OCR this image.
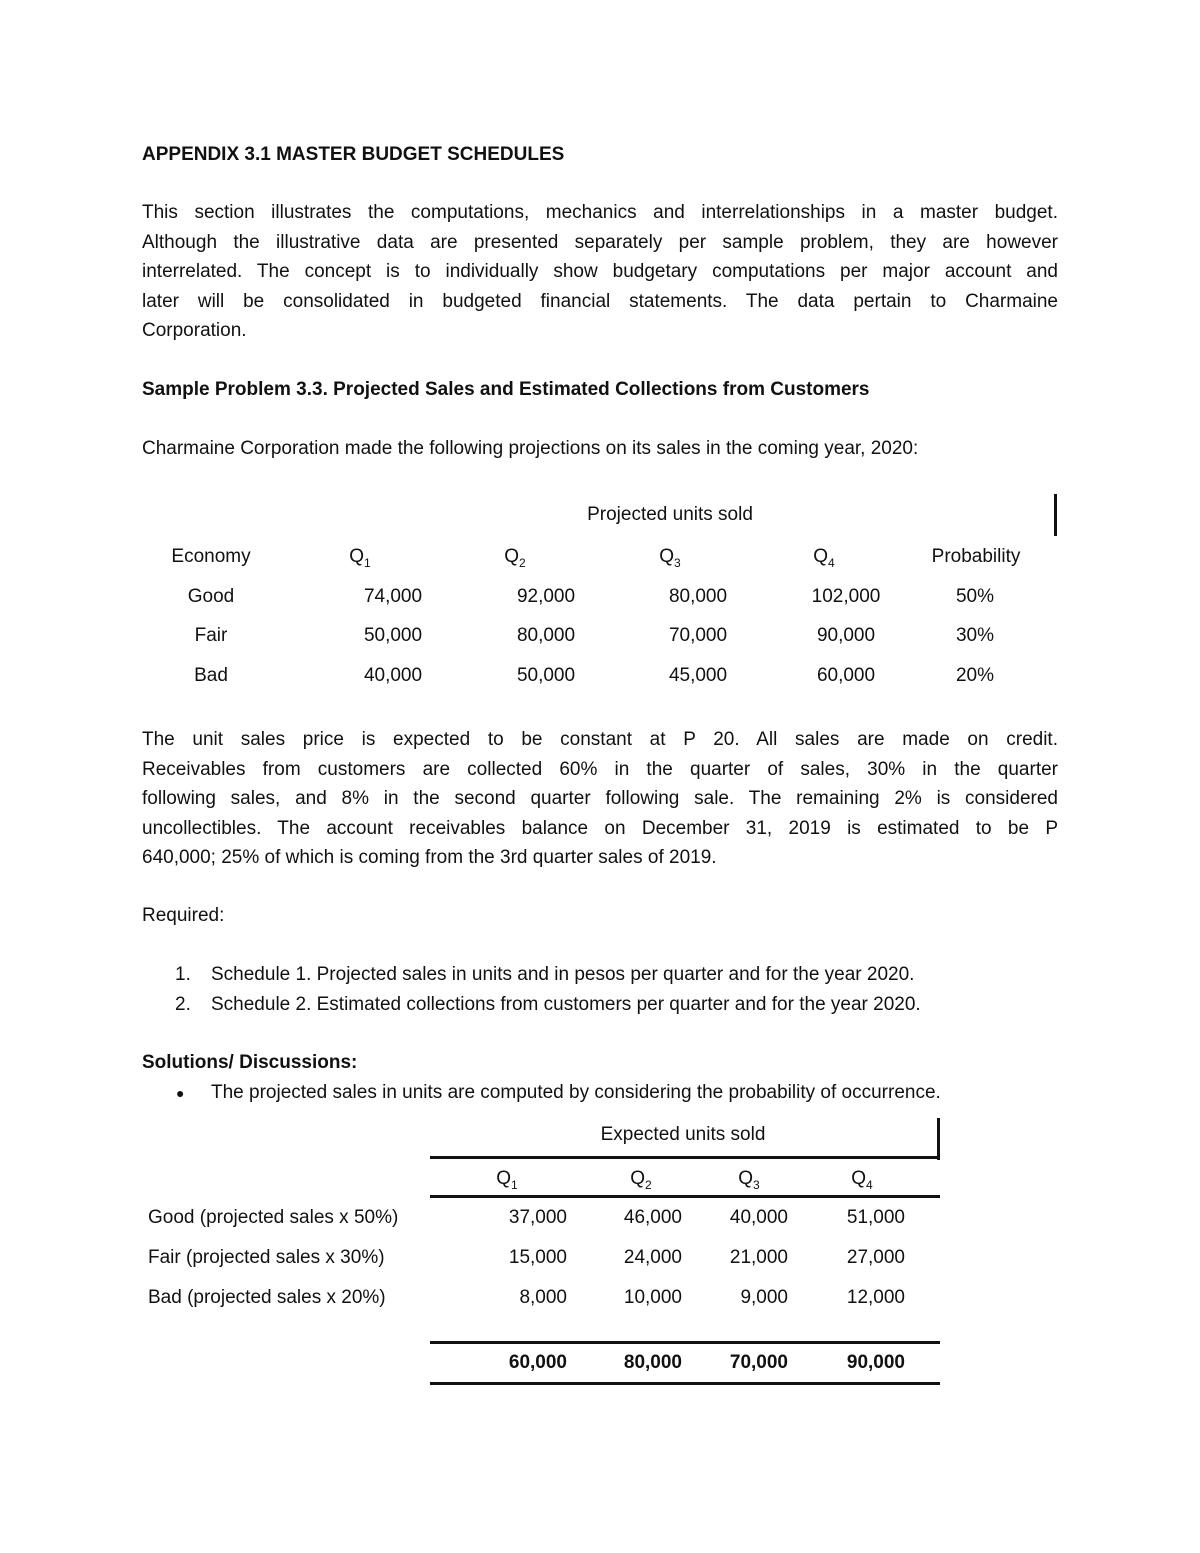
APPENDIX 3.1 MASTER BUDGET SCHEDULES
This section illustrates the computations, mechanics and interrelationships in a master budget.
Although the illustrative data are presented separately per sample problem, they are however
interrelated. The concept is to individually show budgetary computations per major account and
later will be consolidated in budgeted financial statements. The data pertain to Charmaine
Corporation.
Sample Problem 3.3. Projected Sales and Estimated Collections from Customers
Charmaine Corporation made the following projections on its sales in the coming year, 2020:
Projected units sold
Economy	$Q_1$	$Q_2$	$Q_3$	$Q_4$	Probability
Good	74,000	92,000	80,000	102,000	50%
Fair	50,000	80,000	70,000	90,000	30%
Bad	40,000	50,000	45,000	60,000	20%
The unit sales price is expected to be constant at P 20. All sales are made on credit.
Receivables from customers are collected 60% in the quarter of sales, 30% in the quarter
following sales, and 8% in the second quarter following sale. The remaining 2% is considered
uncollectibles. The account receivables balance on December 31, 2019 is estimated to be P
640,000; 25% of which is coming from the 3rd quarter sales of 2019.
Required:
1. Schedule 1. Projected sales in units and in pesos per quarter and for the year 2020.
2. Schedule 2. Estimated collections from customers per quarter and for the year 2020.
Solutions/ Discussions:
● The projected sales in units are computed by considering the probability of occurrence.
Expected units sold
$Q_1$	$Q_2$	$Q_3$	$Q_4$
Good (projected sales x 50%)	37,000	46,000	40,000	51,000
Fair (projected sales x 30%)	15,000	24,000	21,000	27,000
Bad (projected sales x 20%)	8,000	10,000	9,000	12,000
60,000	80,000	70,000	90,000
